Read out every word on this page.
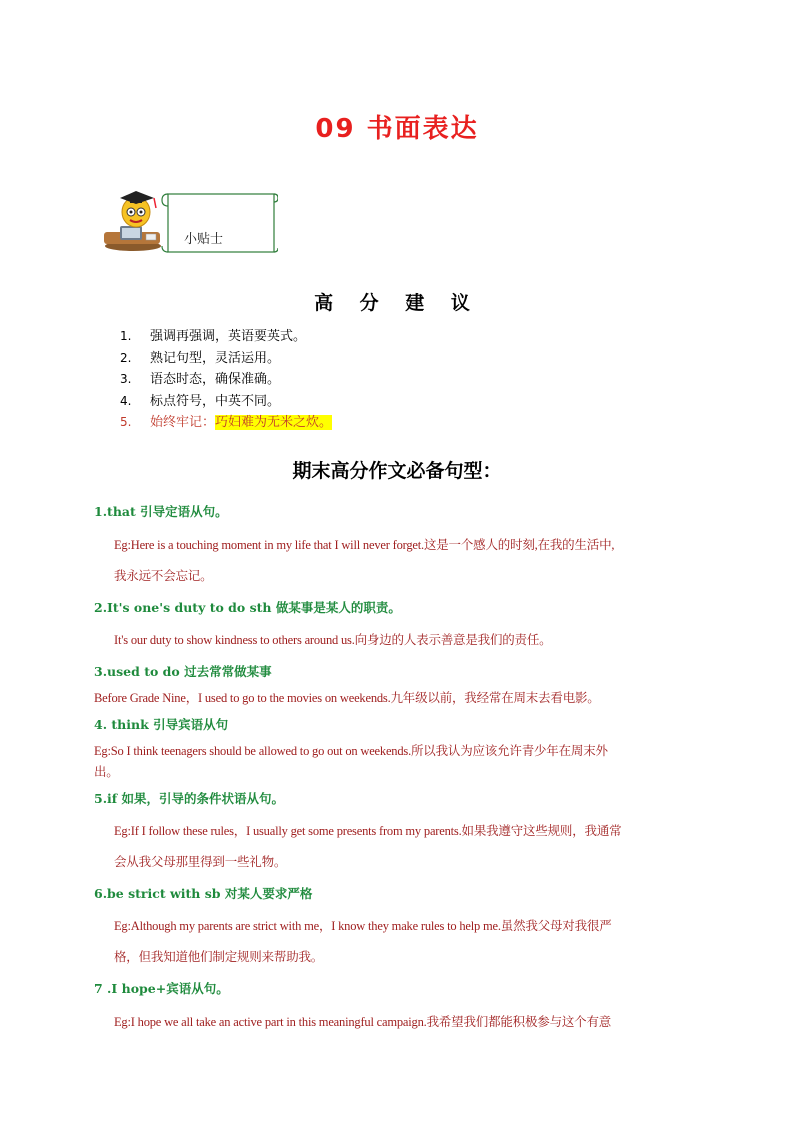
09 书面表达
小贴士
高 分 建 议
1. 强调再强调，英语要英式。
2. 熟记句型，灵活运用。
3. 语态时态，确保准确。
4. 标点符号，中英不同。
5. 始终牢记：巧妇难为无米之炊。
期末高分作文必备句型：
1.that 引导定语从句。
Eg:Here is a touching moment in my life that I will never forget.这是一个感人的时刻,在我的生活中,
我永远不会忘记。
2.It's one's duty to do sth 做某事是某人的职责。
It's our duty to show kindness to others around us.向身边的人表示善意是我们的责任。
3.used to do 过去常常做某事
Before Grade Nine，I used to go to the movies on weekends.九年级以前，我经常在周末去看电影。
4. think 引导宾语从句
Eg:So I think teenagers should be allowed to go out on weekends.所以我认为应该允许青少年在周末外
出。
5.if 如果，引导的条件状语从句。
Eg:If I follow these rules，I usually get some presents from my parents.如果我遵守这些规则，我通常
会从我父母那里得到一些礼物。
6.be strict with sb 对某人要求严格
Eg:Although my parents are strict with me，I know they make rules to help me.虽然我父母对我很严
格，但我知道他们制定规则来帮助我。
7 .I hope+宾语从句。
Eg:I hope we all take an active part in this meaningful campaign.我希望我们都能积极参与这个有意
